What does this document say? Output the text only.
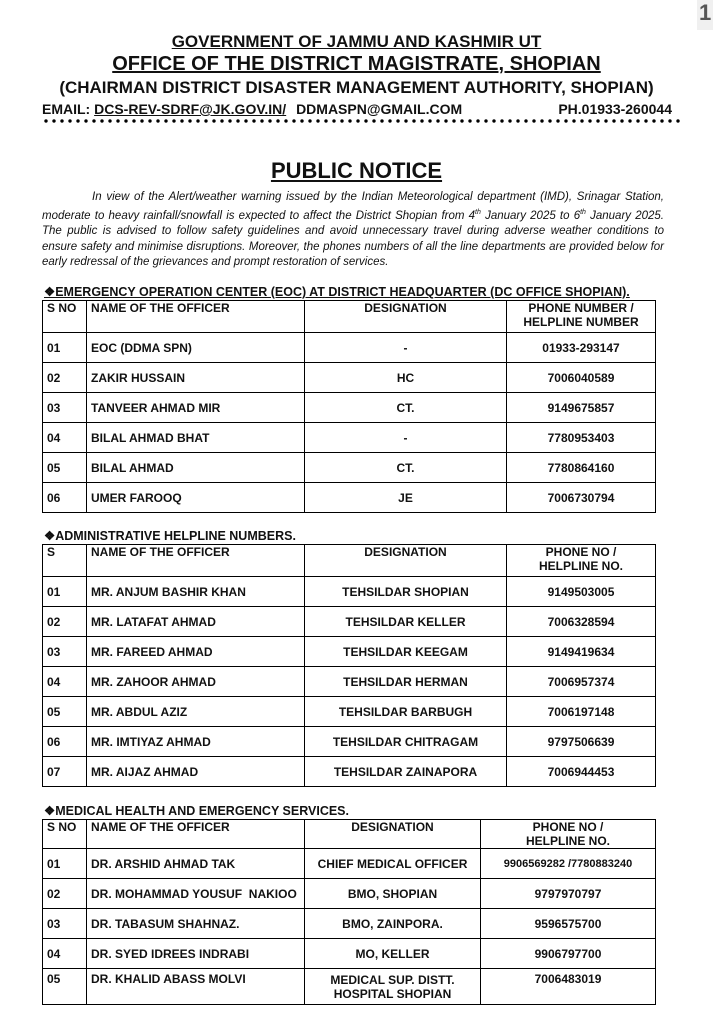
1
GOVERNMENT OF JAMMU AND KASHMIR UT
OFFICE OF THE DISTRICT MAGISTRATE, SHOPIAN
(CHAIRMAN DISTRICT DISASTER MANAGEMENT AUTHORITY, SHOPIAN)
EMAIL: DCS-REV-SDRF@JK.GOV.IN/ DDMASPN@GMAIL.COM	PH.01933-260044
PUBLIC NOTICE
In view of the Alert/weather warning issued by the Indian Meteorological department (IMD), Srinagar Station, moderate to heavy rainfall/snowfall is expected to affect the District Shopian from 4th January 2025 to 6th January 2025. The public is advised to follow safety guidelines and avoid unnecessary travel during adverse weather conditions to ensure safety and minimise disruptions. Moreover, the phones numbers of all the line departments are provided below for early redressal of the grievances and prompt restoration of services.
❖EMERGENCY OPERATION CENTER (EOC) AT DISTRICT HEADQUARTER (DC OFFICE SHOPIAN).
S NO	NAME OF THE OFFICER	DESIGNATION	PHONE NUMBER /
HELPLINE NUMBER
01	EOC (DDMA SPN)	-	01933-293147
02	ZAKIR HUSSAIN	HC	7006040589
03	TANVEER AHMAD MIR	CT.	9149675857
04	BILAL AHMAD BHAT	-	7780953403
05	BILAL AHMAD	CT.	7780864160
06	UMER FAROOQ	JE	7006730794
❖ADMINISTRATIVE HELPLINE NUMBERS.
S	NAME OF THE OFFICER	DESIGNATION	PHONE NO /
HELPLINE NO.
01	MR. ANJUM BASHIR KHAN	TEHSILDAR SHOPIAN	9149503005
02	MR. LATAFAT AHMAD	TEHSILDAR KELLER	7006328594
03	MR. FAREED AHMAD	TEHSILDAR KEEGAM	9149419634
04	MR. ZAHOOR AHMAD	TEHSILDAR HERMAN	7006957374
05	MR. ABDUL AZIZ	TEHSILDAR BARBUGH	7006197148
06	MR. IMTIYAZ AHMAD	TEHSILDAR CHITRAGAM	9797506639
07	MR. AIJAZ AHMAD	TEHSILDAR ZAINAPORA	7006944453
❖MEDICAL HEALTH AND EMERGENCY SERVICES.
S NO	NAME OF THE OFFICER	DESIGNATION	PHONE NO /
HELPLINE NO.
01	DR. ARSHID AHMAD TAK	CHIEF MEDICAL OFFICER	9906569282 /7780883240
02	DR. MOHAMMAD YOUSUF  NAKIOO	BMO, SHOPIAN	9797970797
03	DR. TABASUM SHAHNAZ.	BMO, ZAINPORA.	9596575700
04	DR. SYED IDREES INDRABI	MO, KELLER	9906797700
05	DR. KHALID ABASS MOLVI	MEDICAL SUP. DISTT.
HOSPITAL SHOPIAN	7006483019
